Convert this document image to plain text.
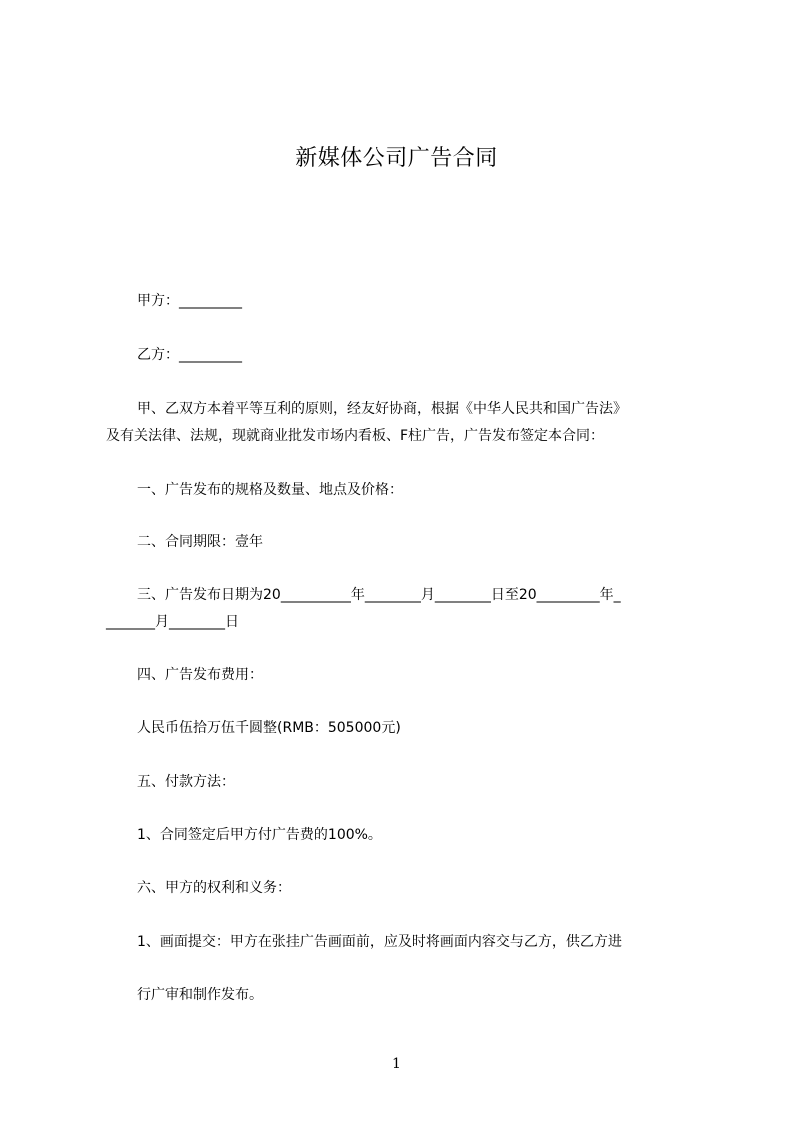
新媒体公司广告合同
甲方：_________
乙方：_________
甲、乙双方本着平等互利的原则，经友好协商，根据《中华人民共和国广告法》
及有关法律、法规，现就商业批发市场内看板、F柱广告，广告发布签定本合同：
一、广告发布的规格及数量、地点及价格：
二、合同期限：壹年
三、广告发布日期为20__________年________月________日至20_________年_
_______月________日
四、广告发布费用：
人民币伍拾万伍千圆整(RMB：505000元)
五、付款方法：
1、合同签定后甲方付广告费的100%。
六、甲方的权利和义务：
1、画面提交：甲方在张挂广告画面前，应及时将画面内容交与乙方，供乙方进
行广审和制作发布。
1
